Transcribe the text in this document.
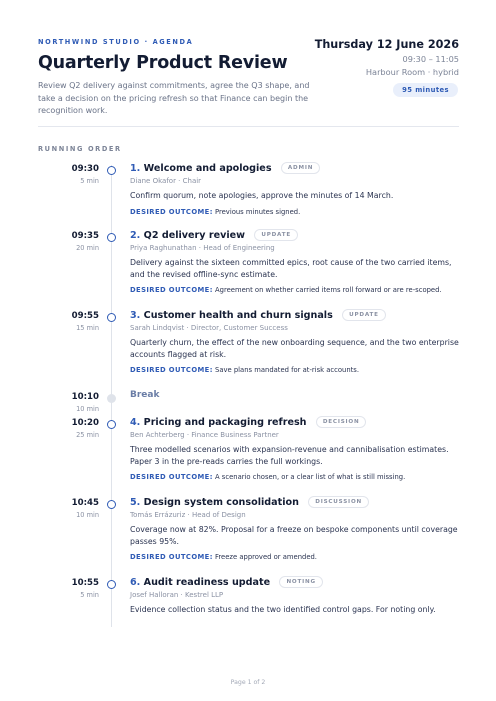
NORTHWIND STUDIO · AGENDA
Quarterly Product Review
Review Q2 delivery against commitments, agree the Q3 shape, and take a decision on the pricing refresh so that Finance can begin the recognition work.
Thursday 12 June 2026
09:30 – 11:05
Harbour Room · hybrid
95 minutes
RUNNING ORDER
09:30
5 min
1. Welcome and apologies	ADMIN
Diane Okafor · Chair
Confirm quorum, note apologies, approve the minutes of 14 March.
DESIRED OUTCOME: Previous minutes signed.
09:35
20 min
2. Q2 delivery review	UPDATE
Priya Raghunathan · Head of Engineering
Delivery against the sixteen committed epics, root cause of the two carried items, and the revised offline-sync estimate.
DESIRED OUTCOME: Agreement on whether carried items roll forward or are re-scoped.
09:55
15 min
3. Customer health and churn signals	UPDATE
Sarah Lindqvist · Director, Customer Success
Quarterly churn, the effect of the new onboarding sequence, and the two enterprise accounts flagged at risk.
DESIRED OUTCOME: Save plans mandated for at-risk accounts.
10:10
10 min
Break
10:20
25 min
4. Pricing and packaging refresh	DECISION
Ben Achterberg · Finance Business Partner
Three modelled scenarios with expansion-revenue and cannibalisation estimates. Paper 3 in the pre-reads carries the full workings.
DESIRED OUTCOME: A scenario chosen, or a clear list of what is still missing.
10:45
10 min
5. Design system consolidation	DISCUSSION
Tomás Errázuriz · Head of Design
Coverage now at 82%. Proposal for a freeze on bespoke components until coverage passes 95%.
DESIRED OUTCOME: Freeze approved or amended.
10:55
5 min
6. Audit readiness update	NOTING
Josef Halloran · Kestrel LLP
Evidence collection status and the two identified control gaps. For noting only.
Page 1 of 2
